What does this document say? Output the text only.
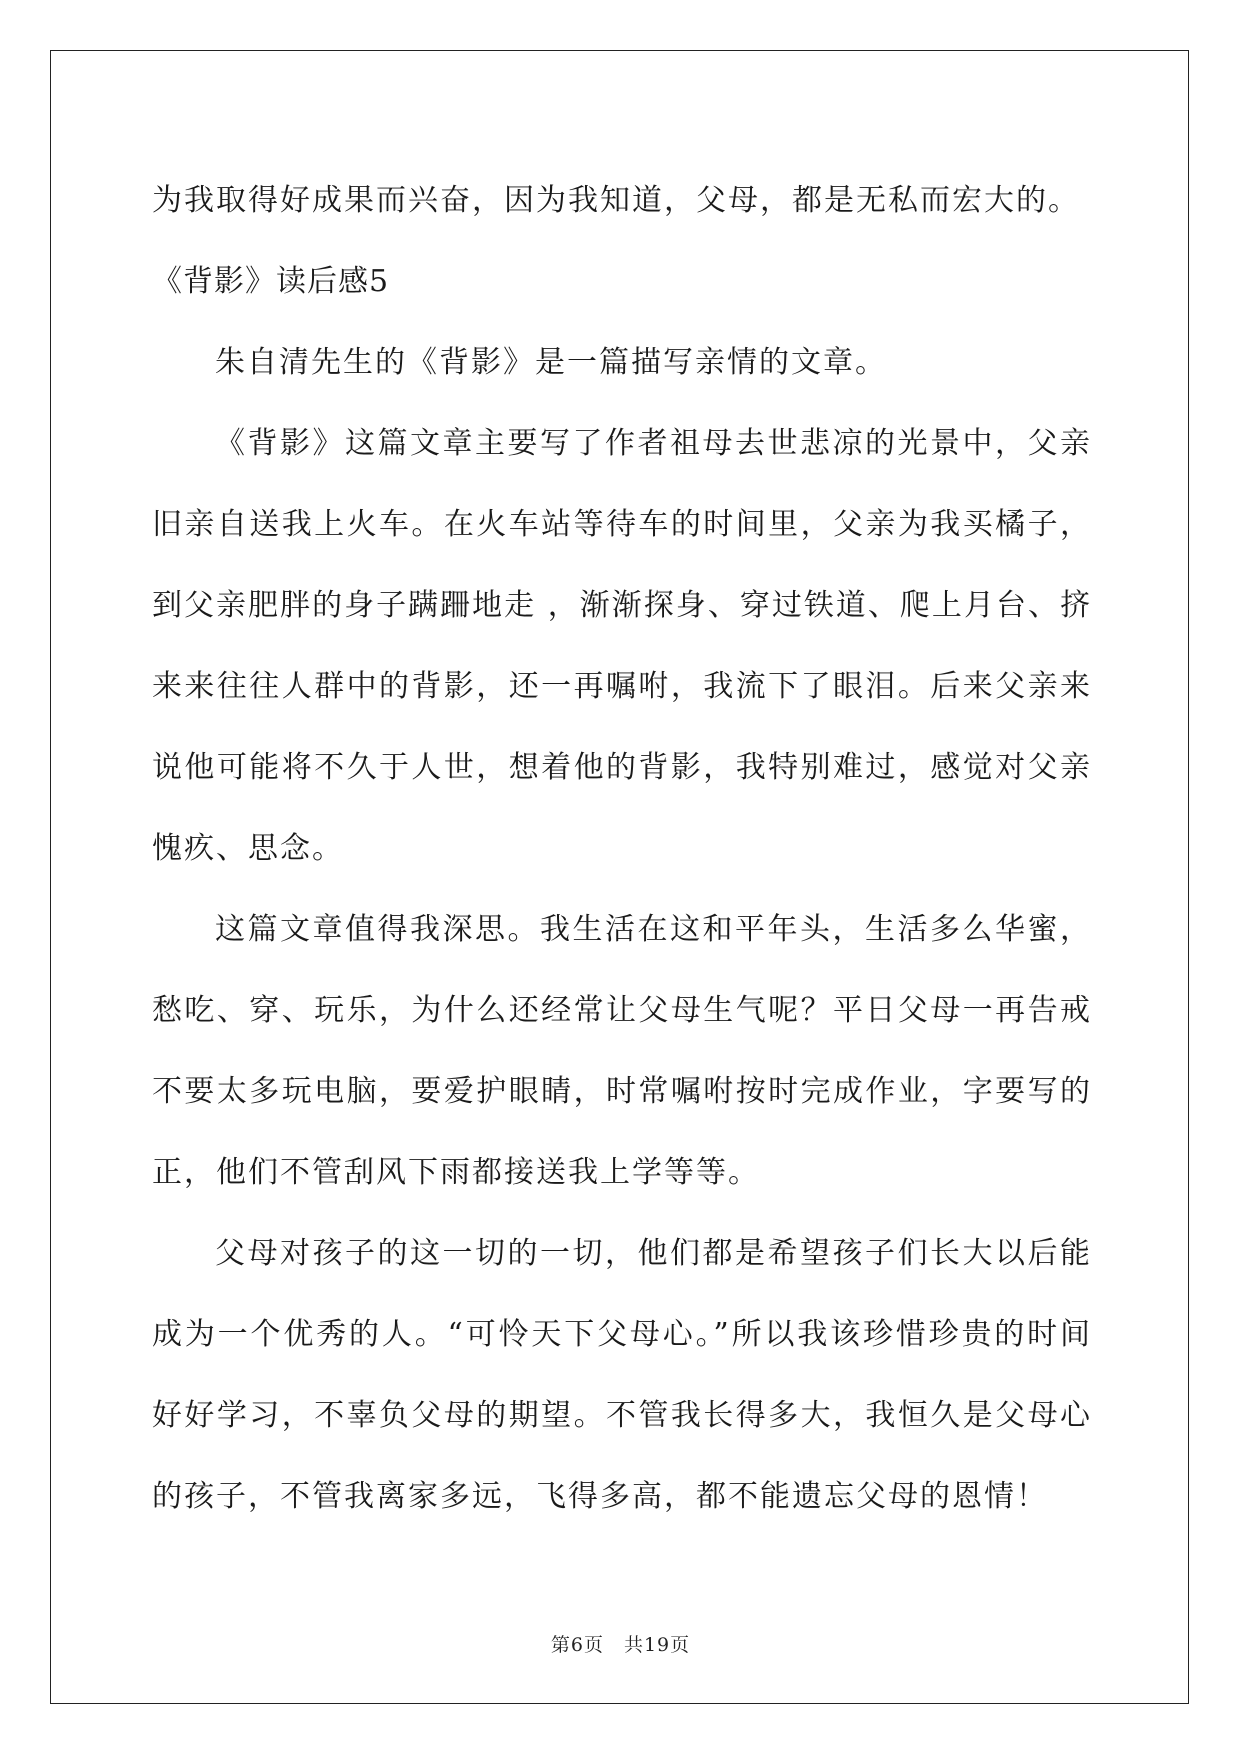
为我取得好成果而兴奋，因为我知道，父母，都是无私而宏大的。
《背影》读后感5
朱自清先生的《背影》是一篇描写亲情的文章。
《背影》这篇文章主要写了作者祖母去世悲凉的光景中，父亲
旧亲自送我上火车。在火车站等待车的时间里，父亲为我买橘子，
到父亲肥胖的身子蹒跚地走 ，渐渐探身、穿过铁道、爬上月台、挤
来来往往人群中的背影，还一再嘱咐，我流下了眼泪。后来父亲来
说他可能将不久于人世，想着他的背影，我特别难过，感觉对父亲
愧疚、思念。
这篇文章值得我深思。我生活在这和平年头，生活多么华蜜，
愁吃、穿、玩乐，为什么还经常让父母生气呢？平日父母一再告戒
不要太多玩电脑，要爱护眼睛，时常嘱咐按时完成作业，字要写的
正，他们不管刮风下雨都接送我上学等等。
父母对孩子的这一切的一切，他们都是希望孩子们长大以后能
成为一个优秀的人。“可怜天下父母心。”所以我该珍惜珍贵的时间
好好学习，不辜负父母的期望。不管我长得多大，我恒久是父母心
的孩子，不管我离家多远，飞得多高，都不能遗忘父母的恩情！
第6页　共19页
